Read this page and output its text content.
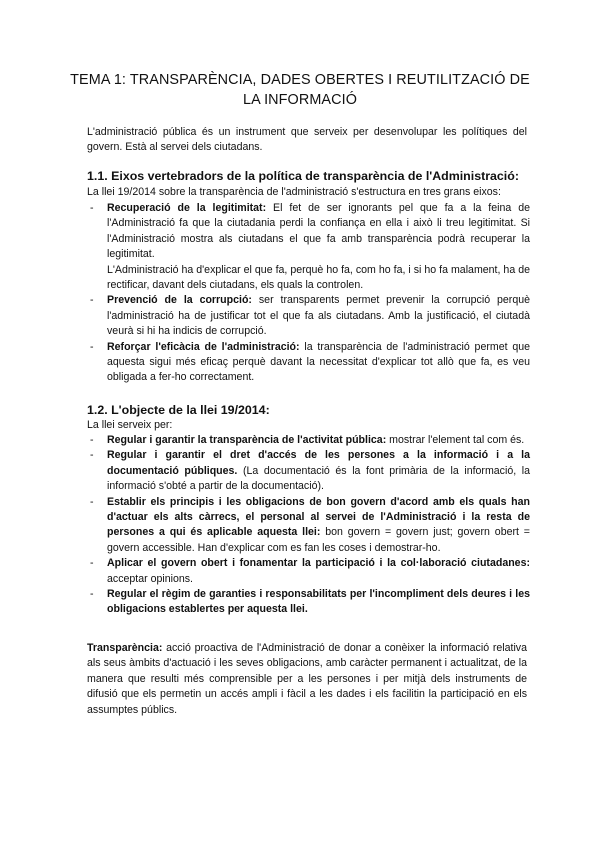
TEMA 1: TRANSPARÈNCIA, DADES OBERTES I REUTILITZACIÓ DE
LA INFORMACIÓ
L'administració pública és un instrument que serveix per desenvolupar les polítiques del govern. Està al servei dels ciutadans.
1.1. Eixos vertebradors de la política de transparència de l'Administració:
La llei 19/2014 sobre la transparència de l'administració s'estructura en tres grans eixos:
- Recuperació de la legitimitat: El fet de ser ignorants pel que fa a la feina de l'Administració fa que la ciutadania perdi la confiança en ella i això li treu legitimitat. Si l'Administració mostra als ciutadans el que fa amb transparència podrà recuperar la legitimitat.

L'Administració ha d'explicar el que fa, perquè ho fa, com ho fa, i si ho fa malament, ha de rectificar, davant dels ciutadans, els quals la controlen.

- Prevenció de la corrupció: ser transparents permet prevenir la corrupció perquè l'administració ha de justificar tot el que fa als ciutadans. Amb la justificació, el ciutadà veurà si hi ha indicis de corrupció.
- Reforçar l'eficàcia de l'administració: la transparència de l'administració permet que aquesta sigui més eficaç perquè davant la necessitat d'explicar tot allò que fa, es veu obligada a fer-ho correctament.
1.2. L'objecte de la llei 19/2014:
La llei serveix per:
- Regular i garantir la transparència de l'activitat pública: mostrar l'element tal com és.
- Regular i garantir el dret d'accés de les persones a la informació i a la documentació públiques. (La documentació és la font primària de la informació, la informació s'obté a partir de la documentació).
- Establir els principis i les obligacions de bon govern d'acord amb els quals han d'actuar els alts càrrecs, el personal al servei de l'Administració i la resta de persones a qui és aplicable aquesta llei: bon govern = govern just; govern obert = govern accessible. Han d'explicar com es fan les coses i demostrar-ho.
- Aplicar el govern obert i fonamentar la participació i la col·laboració ciutadanes: acceptar opinions.
- Regular el règim de garanties i responsabilitats per l'incompliment dels deures i les obligacions establertes per aquesta llei.
Transparència: acció proactiva de l'Administració de donar a conèixer la informació relativa als seus àmbits d'actuació i les seves obligacions, amb caràcter permanent i actualitzat, de la manera que resulti més comprensible per a les persones i per mitjà dels instruments de difusió que els permetin un accés ampli i fàcil a les dades i els facilitin la participació en els assumptes públics.
